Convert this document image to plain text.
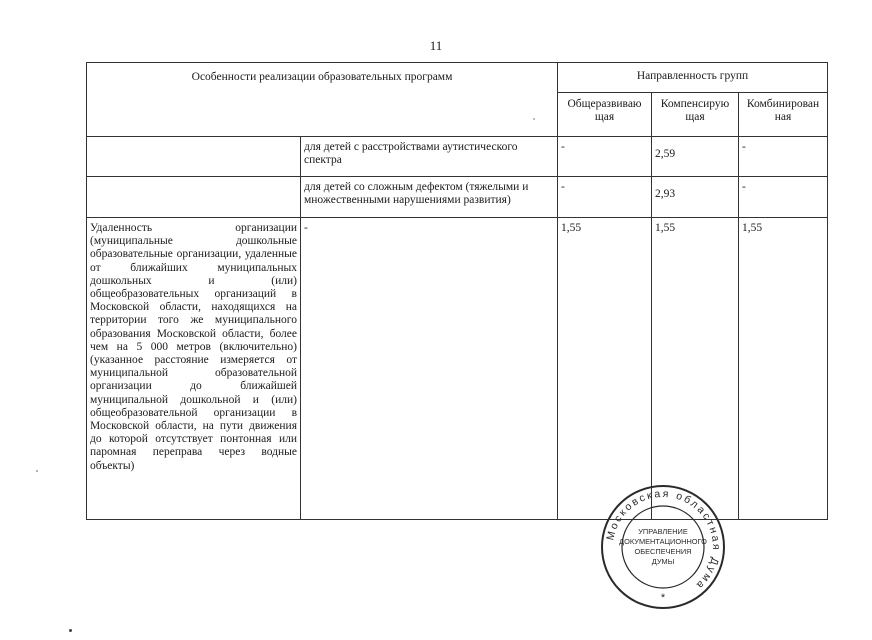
11
Особенности реализации образовательных программ		Направленность групп		
		Общеразвиваю щая	Компенсирую щая	Комбинирован ная
	для детей с расстройствами аутистического спектра	-	2,59	-
	для детей со сложным дефектом (тяжелыми и множественными нарушениями развития)	-	2,93	-
Удаленность организации (муниципальные дошкольные образовательные организации, удаленные от ближайших муниципальных дошкольных и (или) общеобразовательных организаций в Московской области, находящихся на территории того же муниципального образования Московской области, более чем на 5 000 метров (включительно) (указанное расстояние измеряется от муниципальной образовательной организации до ближайшей муниципальной дошкольной и (или) общеобразовательной организации в Московской области, на пути движения до которой отсутствует понтонная или паромная переправа через водные объекты)	-	1,55	1,55	1,55
Московская областная Дума
УПРАВЛЕНИЕ
ДОКУМЕНТАЦИОННОГО
ОБЕСПЕЧЕНИЯ
ДУМЫ
*
